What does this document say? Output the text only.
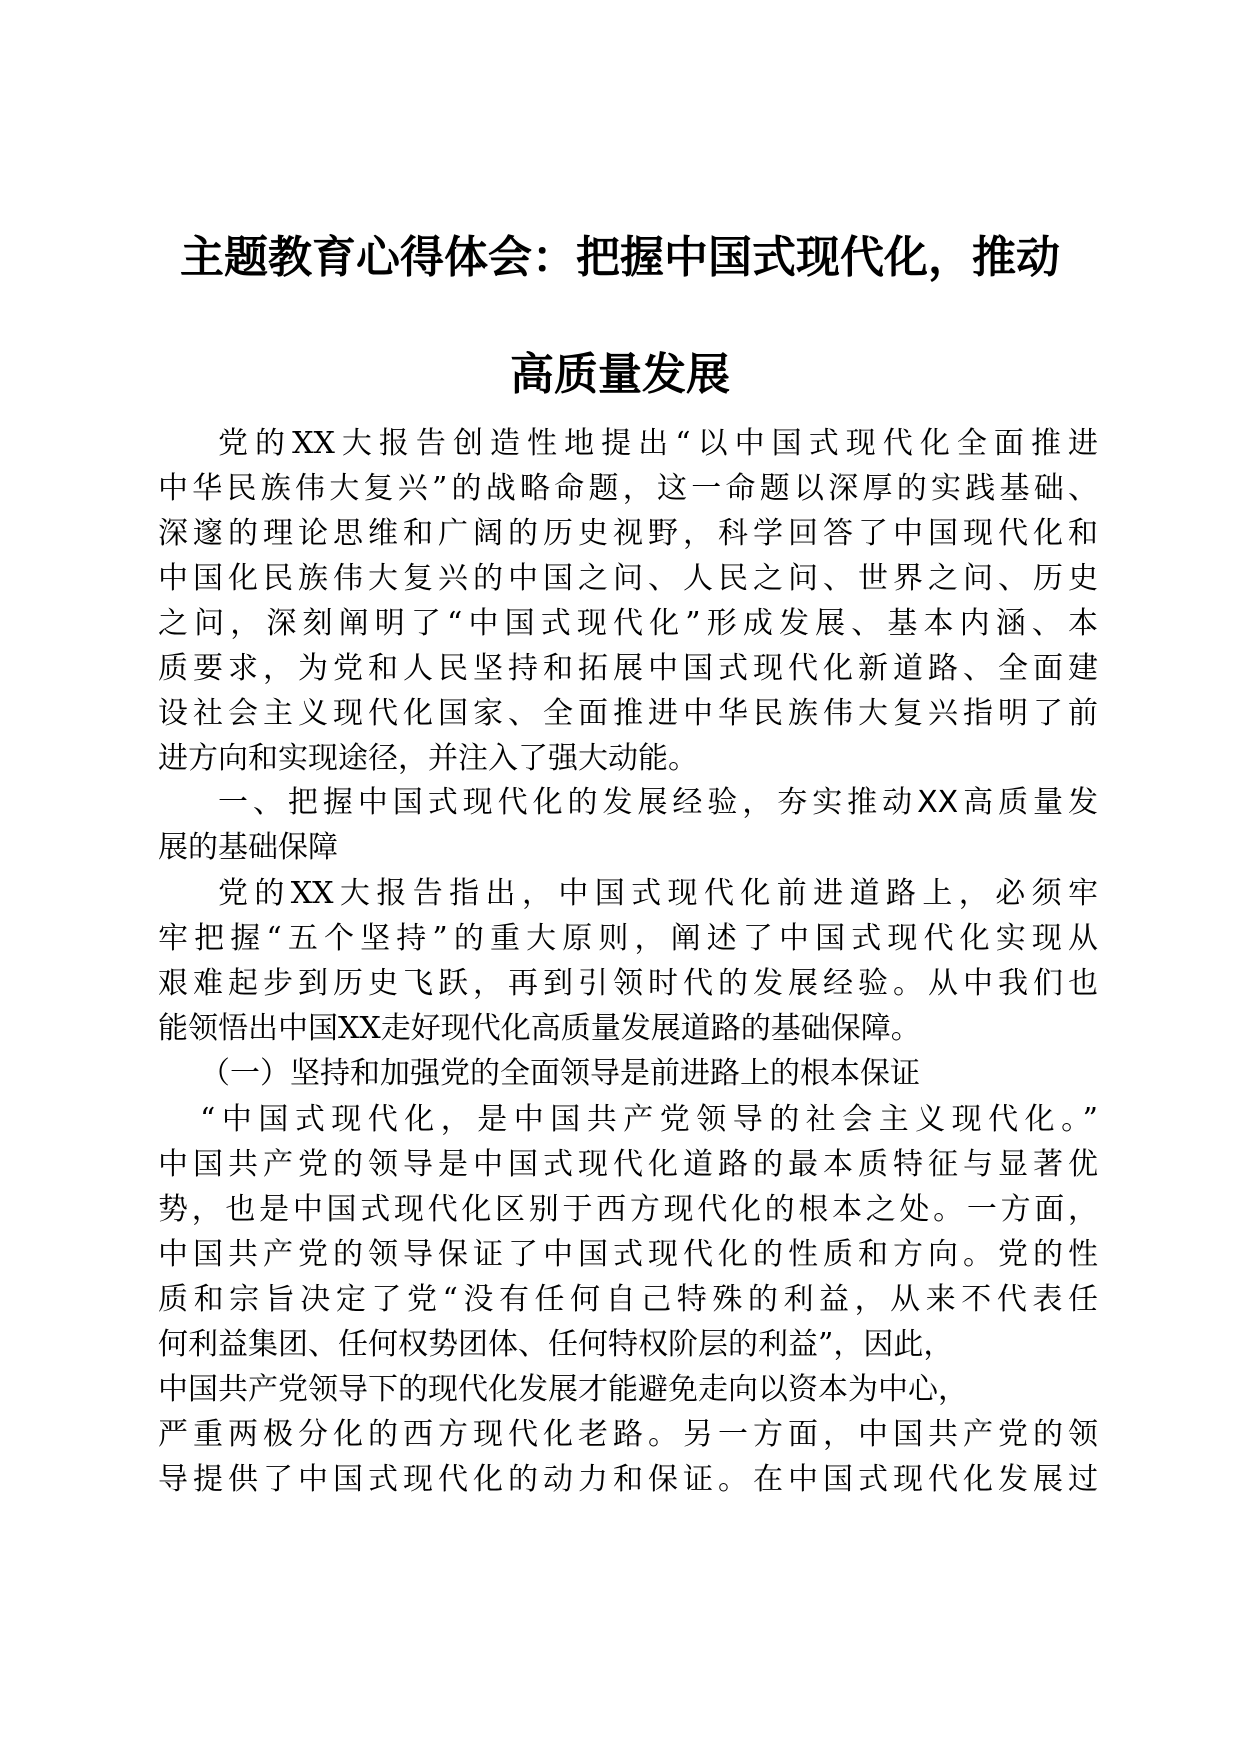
主题教育心得体会：把握中国式现代化，推动
高质量发展
党的XX大报告创造性地提出“以中国式现代化全面推进
中华民族伟大复兴”的战略命题，这一命题以深厚的实践基础、
深邃的理论思维和广阔的历史视野，科学回答了中国现代化和
中国化民族伟大复兴的中国之问、人民之问、世界之问、历史
之问，深刻阐明了“中国式现代化”形成发展、基本内涵、本
质要求，为党和人民坚持和拓展中国式现代化新道路、全面建
设社会主义现代化国家、全面推进中华民族伟大复兴指明了前
进方向和实现途径，并注入了强大动能。
一、把握中国式现代化的发展经验，夯实推动XX高质量发
展的基础保障
党的XX大报告指出，中国式现代化前进道路上，必须牢
牢把握“五个坚持”的重大原则，阐述了中国式现代化实现从
艰难起步到历史飞跃，再到引领时代的发展经验。从中我们也
能领悟出中国XX走好现代化高质量发展道路的基础保障。
（一）坚持和加强党的全面领导是前进路上的根本保证
“中国式现代化，是中国共产党领导的社会主义现代化。”
中国共产党的领导是中国式现代化道路的最本质特征与显著优
势，也是中国式现代化区别于西方现代化的根本之处。一方面，
中国共产党的领导保证了中国式现代化的性质和方向。党的性
质和宗旨决定了党“没有任何自己特殊的利益，从来不代表任
何利益集团、任何权势团体、任何特权阶层的利益”，因此，
中国共产党领导下的现代化发展才能避免走向以资本为中心，
严重两极分化的西方现代化老路。另一方面，中国共产党的领
导提供了中国式现代化的动力和保证。在中国式现代化发展过
